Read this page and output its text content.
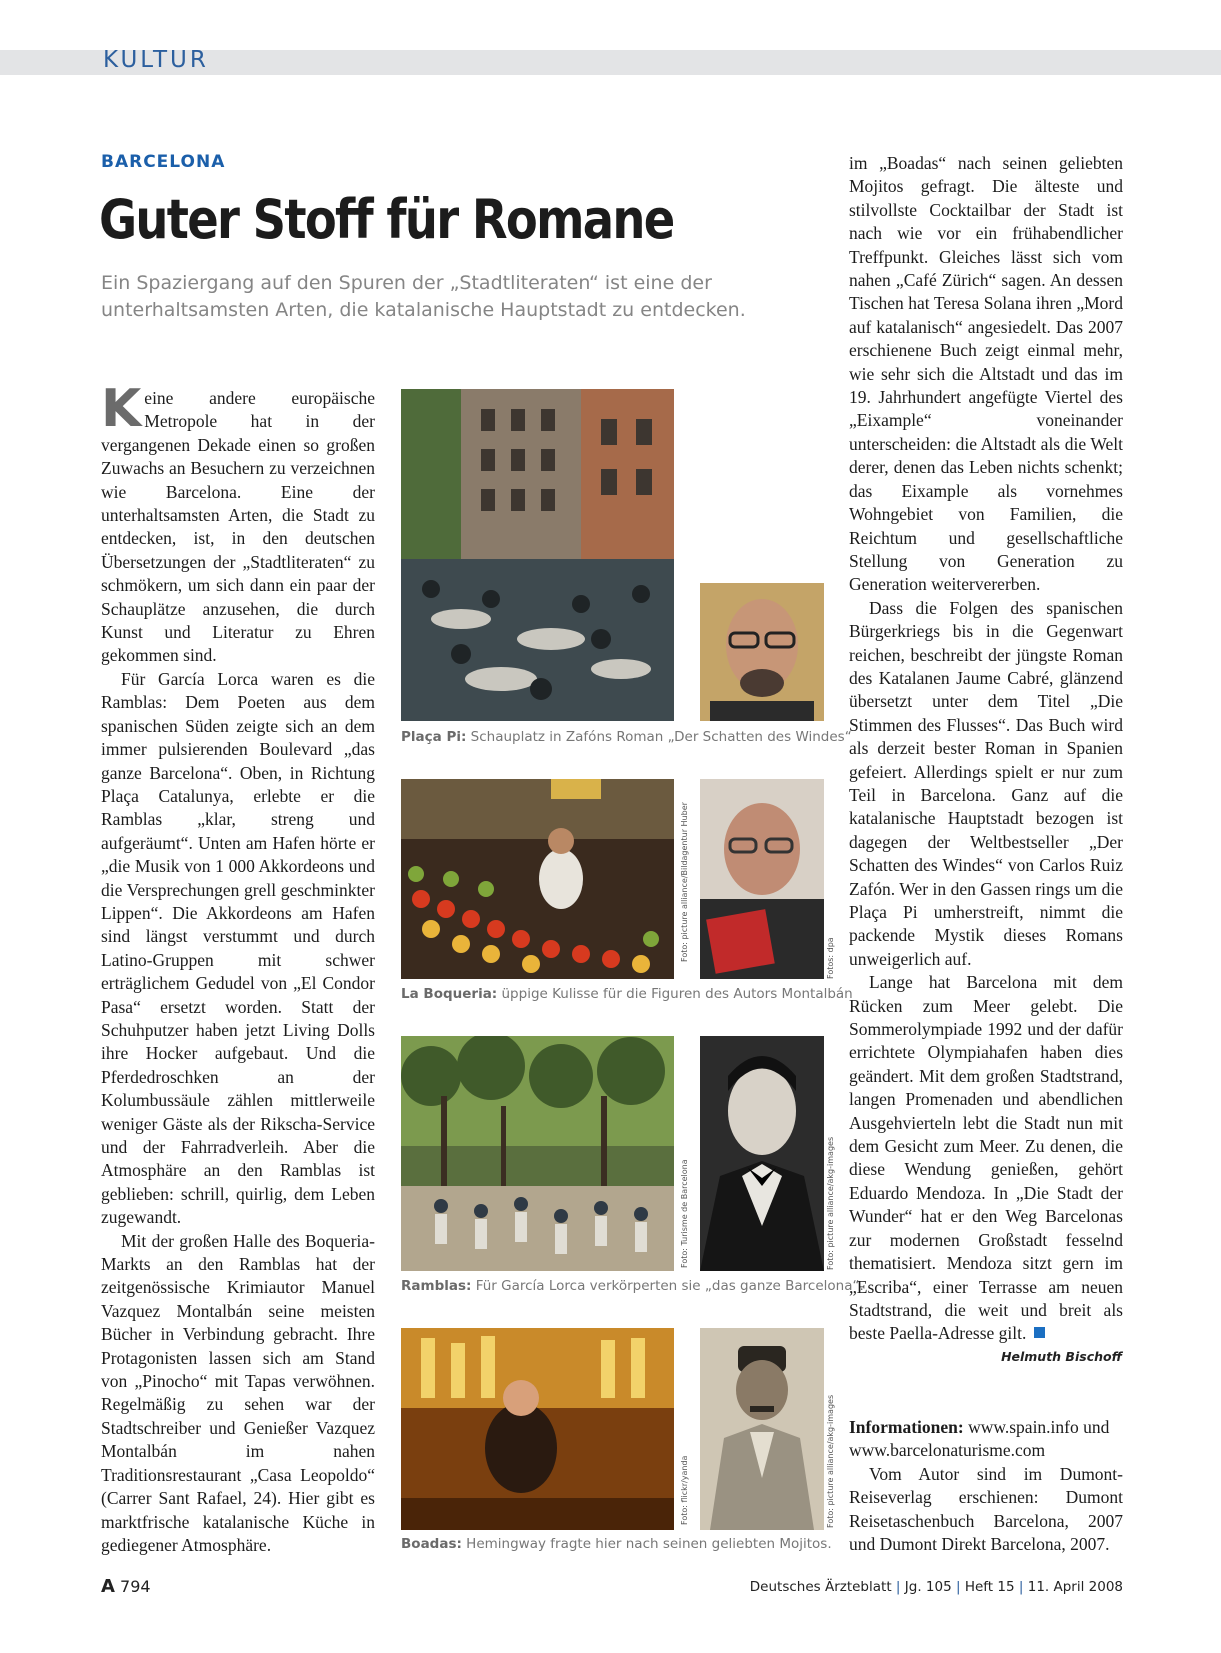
KULTUR
BARCELONA
Guter Stoff für Romane
Ein Spaziergang auf den Spuren der „Stadtliteraten“ ist eine der unterhaltsamsten Arten, die katalanische Hauptstadt zu entdecken.

Keine andere europäische Metropole hat in der vergangenen Dekade einen so großen Zuwachs an Besuchern zu verzeichnen wie Barcelona. Eine der unterhaltsamsten Arten, die Stadt zu entdecken, ist, in den deutschen Übersetzungen der „Stadtliteraten“ zu schmökern, um sich dann ein paar der Schauplätze anzusehen, die durch Kunst und Literatur zu Ehren gekommen sind.

Für García Lorca waren es die Ramblas: Dem Poeten aus dem spanischen Süden zeigte sich an dem immer pulsierenden Boulevard „das ganze Barcelona“. Oben, in Richtung Plaça Catalunya, erlebte er die Ramblas „klar, streng und aufgeräumt“. Unten am Hafen hörte er „die Musik von 1 000 Akkordeons und die Versprechungen grell geschminkter Lippen“. Die Akkordeons am Hafen sind längst verstummt und durch Latino-Gruppen mit schwer erträglichem Gedudel von „El Condor Pasa“ ersetzt worden. Statt der Schuhputzer haben jetzt Living Dolls ihre Hocker aufgebaut. Und die Pferdedroschken an der Kolumbussäule zählen mittlerweile weniger Gäste als der Rikscha-Service und der Fahrradverleih. Aber die Atmosphäre an den Ramblas ist geblieben: schrill, quirlig, dem Leben zugewandt.

Mit der großen Halle des Boqueria-Markts an den Ramblas hat der zeitgenössische Krimiautor Manuel Vazquez Montalbán seine meisten Bücher in Verbindung gebracht. Ihre Protagonisten lassen sich am Stand von „Pinocho“ mit Tapas verwöhnen. Regelmäßig zu sehen war der Stadtschreiber und Genießer Vazquez Montalbán im nahen Traditionsrestaurant „Casa Leopoldo“ (Carrer Sant Rafael, 24). Hier gibt es marktfrische katalanische Küche in gediegener Atmosphäre.

Plaça Pi: Schauplatz in Zafóns Roman „Der Schatten des Windes“
Foto: picture alliance/Bildagentur Huber	Fotos: dpa
La Boqueria: üppige Kulisse für die Figuren des Autors Montalbán
Foto: Turisme de Barcelona	Foto: picture alliance/akg-images
Ramblas: Für García Lorca verkörperten sie „das ganze Barcelona“.
Foto: flickr/yanda	Foto: picture alliance/akg-images
Boadas: Hemingway fragte hier nach seinen geliebten Mojitos.

im „Boadas“ nach seinen geliebten Mojitos gefragt. Die älteste und stilvollste Cocktailbar der Stadt ist nach wie vor ein frühabendlicher Treffpunkt. Gleiches lässt sich vom nahen „Café Zürich“ sagen. An dessen Tischen hat Teresa Solana ihren „Mord auf katalanisch“ angesiedelt. Das 2007 erschienene Buch zeigt einmal mehr, wie sehr sich die Altstadt und das im 19. Jahrhundert angefügte Viertel des „Eixample“ voneinander unterscheiden: die Altstadt als die Welt derer, denen das Leben nichts schenkt; das Eixample als vornehmes Wohngebiet von Familien, die Reichtum und gesellschaftliche Stellung von Generation zu Generation weitervererben.

Dass die Folgen des spanischen Bürgerkriegs bis in die Gegenwart reichen, beschreibt der jüngste Roman des Katalanen Jaume Cabré, glänzend übersetzt unter dem Titel „Die Stimmen des Flusses“. Das Buch wird als derzeit bester Roman in Spanien gefeiert. Allerdings spielt er nur zum Teil in Barcelona. Ganz auf die katalanische Hauptstadt bezogen ist dagegen der Weltbestseller „Der Schatten des Windes“ von Carlos Ruiz Zafón. Wer in den Gassen rings um die Plaça Pi umherstreift, nimmt die packende Mystik dieses Romans unweigerlich auf.

Lange hat Barcelona mit dem Rücken zum Meer gelebt. Die Sommerolympiade 1992 und der dafür errichtete Olympiahafen haben dies geändert. Mit dem großen Stadtstrand, langen Promenaden und abendlichen Ausgehvierteln lebt die Stadt nun mit dem Gesicht zum Meer. Zu denen, die diese Wendung genießen, gehört Eduardo Mendoza. In „Die Stadt der Wunder“ hat er den Weg Barcelonas zur modernen Großstadt fesselnd thematisiert. Mendoza sitzt gern im „Escriba“, einer Terrasse am neuen Stadtstrand, die weit und breit als beste Paella-Adresse gilt.

Helmuth Bischoff

Informationen: www.spain.info und www.barcelonaturisme.com

Vom Autor sind im Dumont-Reiseverlag erschienen: Dumont Reisetaschenbuch Barcelona, 2007 und Dumont Direkt Barcelona, 2007.

A 794	Deutsches Ärzteblatt | Jg. 105 | Heft 15 | 11. April 2008
